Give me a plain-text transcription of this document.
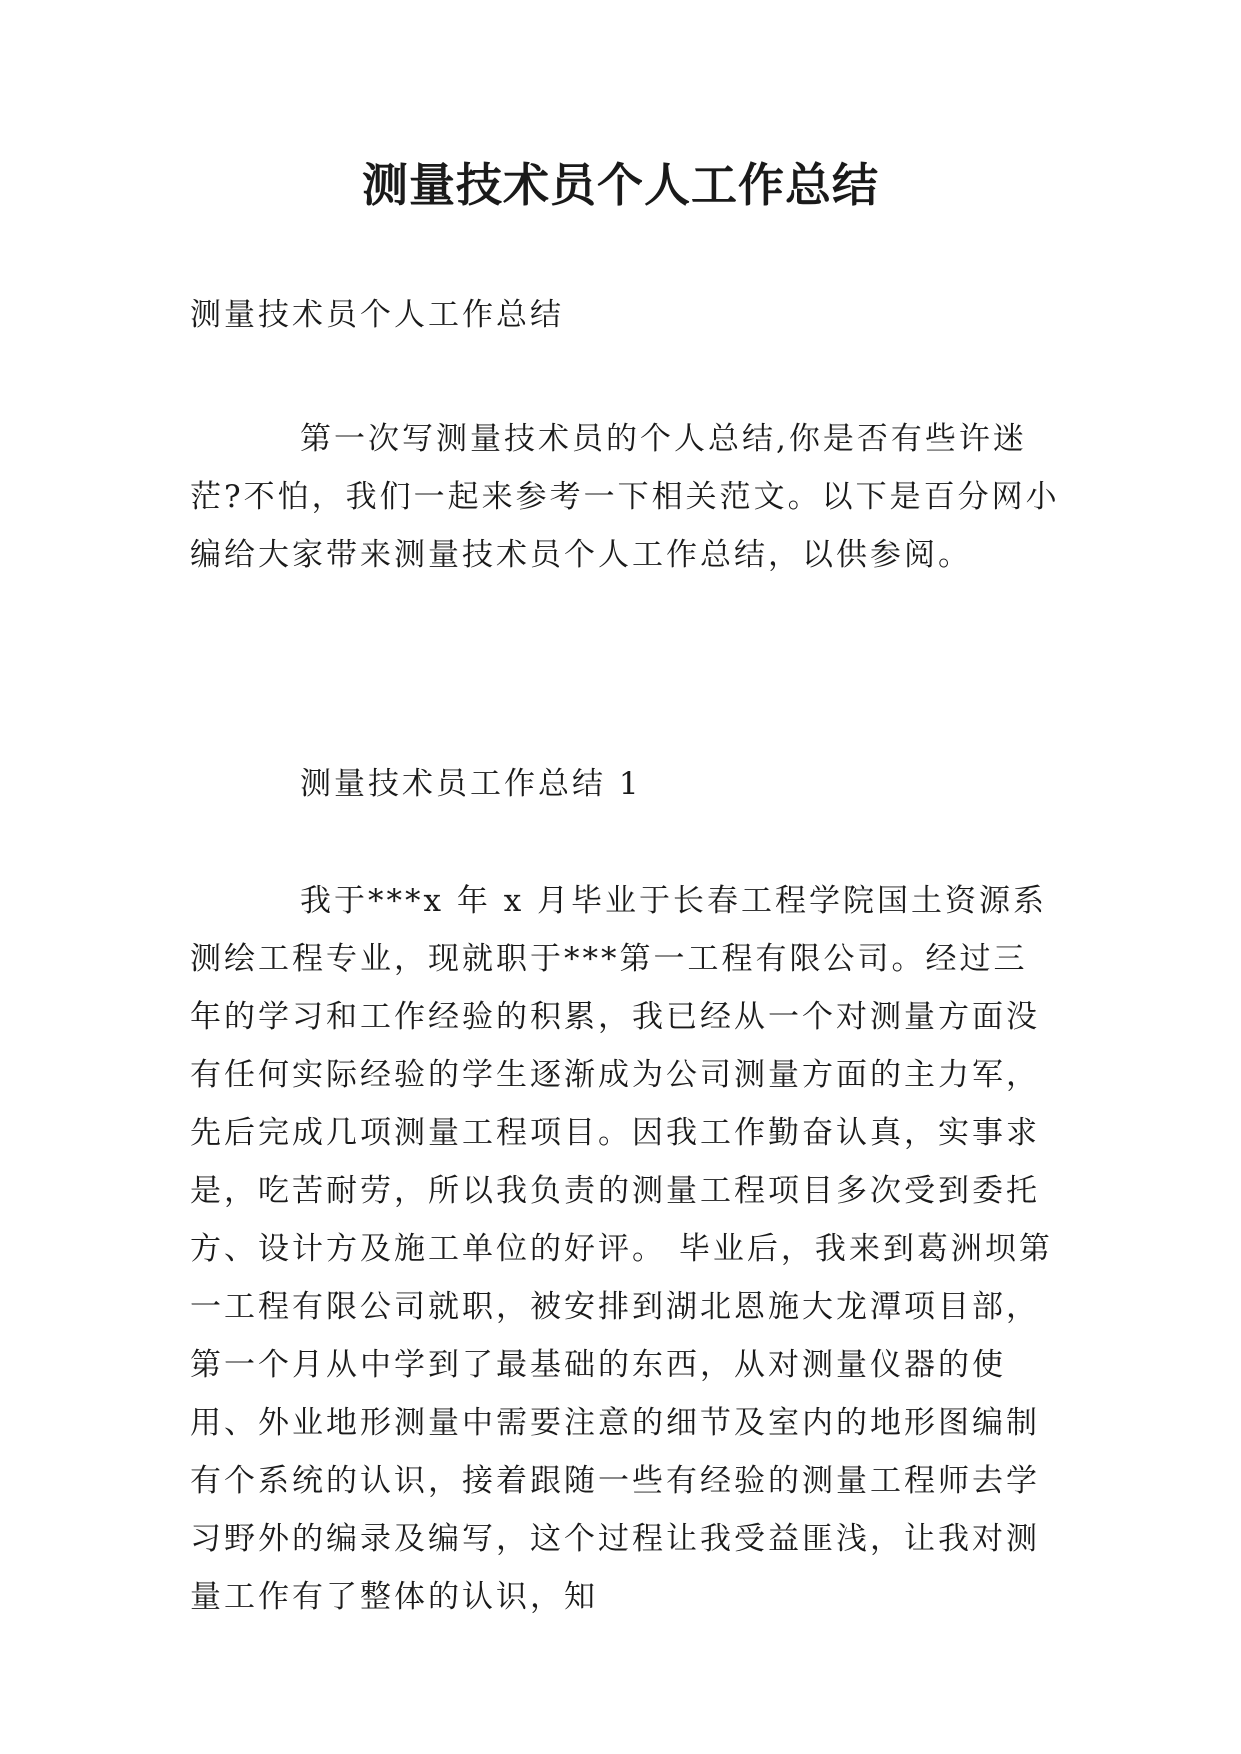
测量技术员个人工作总结

测量技术员个人工作总结

第一次写测量技术员的个人总结,你是否有些许迷茫?不怕，我们一起来参考一下相关范文。以下是百分网小编给大家带来测量技术员个人工作总结，以供参阅。

测量技术员工作总结 1

我于***x 年 x 月毕业于长春工程学院国土资源系测绘工程专业，现就职于***第一工程有限公司。经过三年的学习和工作经验的积累，我已经从一个对测量方面没有任何实际经验的学生逐渐成为公司测量方面的主力军，先后完成几项测量工程项目。因我工作勤奋认真，实事求是，吃苦耐劳，所以我负责的测量工程项目多次受到委托方、设计方及施工单位的好评。 毕业后，我来到葛洲坝第一工程有限公司就职，被安排到湖北恩施大龙潭项目部，第一个月从中学到了最基础的东西，从对测量仪器的使用、外业地形测量中需要注意的细节及室内的地形图编制有个系统的认识，接着跟随一些有经验的测量工程师去学习野外的编录及编写，这个过程让我受益匪浅，让我对测量工作有了整体的认识，知
